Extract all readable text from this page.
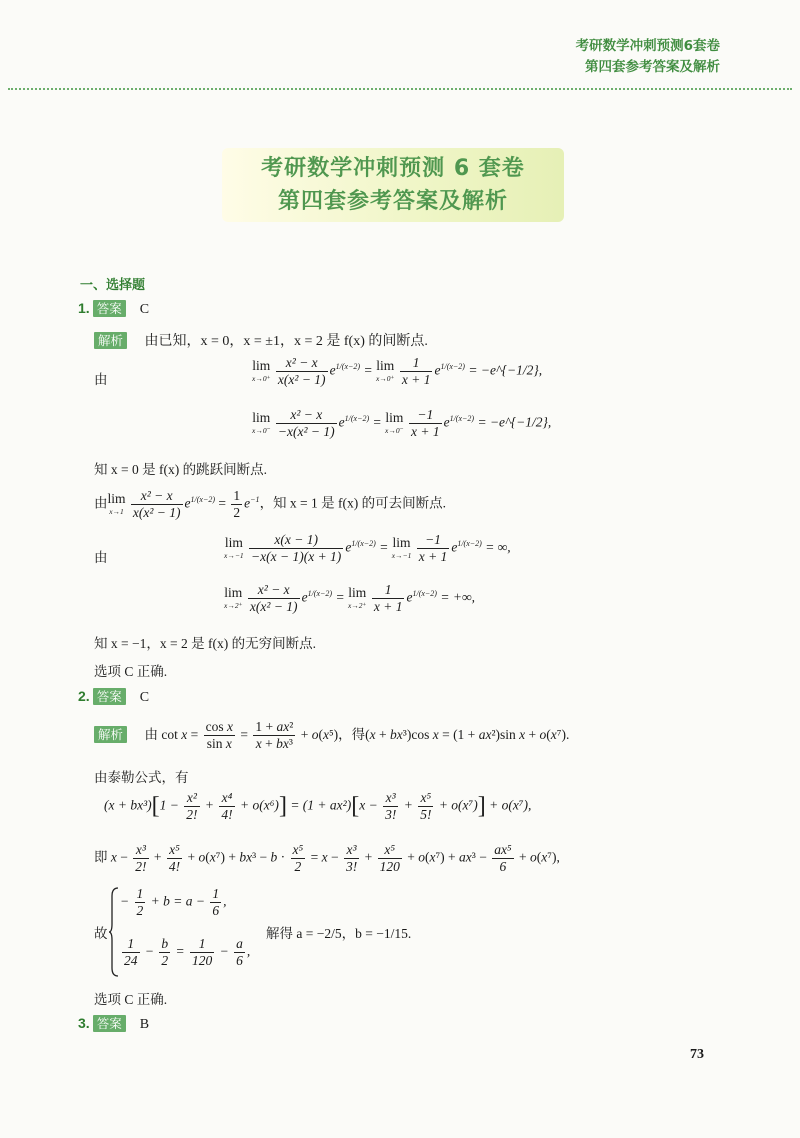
考研数学冲刺预测6套卷
第四套参考答案及解析
考研数学冲刺预测 6 套卷
第四套参考答案及解析
一、选择题
1. 答案 C
解析 由已知，x = 0，x = ±1，x = 2 是 f(x) 的间断点.
由
lim
x→0⁺
$\frac{\text{x² − x}}{\text{x(x² − 1)}} e^{1/(x-2)} = \lim$
x→0⁺
$\frac{1}{x + 1} e^{1/(x-2)}$ = −e^{−1/2},
lim
x→0⁻
$\frac{\text{x² − x}}{\text{−x(x² − 1)}} e^{1/(x-2)} = \lim$
x→0⁻
$\frac{-1}{x + 1} e^{1/(x-2)}$ = −e^{−1/2},
知 x = 0 是 f(x) 的跳跃间断点.
由lim
x→1
$\frac{\text{x² − x}}{\text{x(x² − 1)}} e^{1/(x-2)} = \frac{1}{2} e^{-1}$，知 x = 1 是 f(x) 的可去间断点.
由
lim
x→−1
$\frac{x(x - 1)}{-x(x - 1)(x + 1)} e^{1/(x-2)} = \lim$
x→−1
$\frac{-1}{x + 1} e^{1/(x-2)}$ = ∞,
lim
x→2⁺
$\frac{\text{x² − x}}{\text{x(x² − 1)}} e^{1/(x-2)} = \lim$
x→2⁺
$\frac{1}{x + 1} e^{1/(x-2)}$ = +∞,
知 x = −1，x = 2 是 f(x) 的无穷间断点.
选项 C 正确.
2. 答案 C
解析 由 $\cot x = \frac{\text{cos x}}{\text{sin x}} = \frac{\text{1 + ax²}}{\text{x + bx³}} + o(x^5)$，得(x + bx³)cos x = (1 + ax²)sin x + o(x⁷).
由泰勒公式，有
$(x + bx^3)[1 - \frac{\text{x²}}{2!} + \frac{\text{x⁴}}{4!} + o(x^6)] = (1 + ax^2)[x - \frac{\text{x³}}{3!} + \frac{\text{x⁵}}{5!} + o(x^7)] + o(x^7)$,
即 $x - \frac{\text{x³}}{2!} + \frac{\text{x⁵}}{4!} + o(x^7) + bx^3 - b \cdot \frac{\text{x⁵}}{2} = x - \frac{\text{x³}}{3!} + \frac{\text{x⁵}}{120} + o(x^7) + ax^3 - \frac{\text{ax⁵}}{6} + o(x^7)$,
故
− $\frac{1}{2} + b = a - \frac{1}{6}$ ,
$\frac{1}{24} - \frac{b}{2} = \frac{1}{120} - \frac{a}{6}$ ,
解得 a = −2/5，b = −1/15.
选项 C 正确.
3. 答案 B
73
